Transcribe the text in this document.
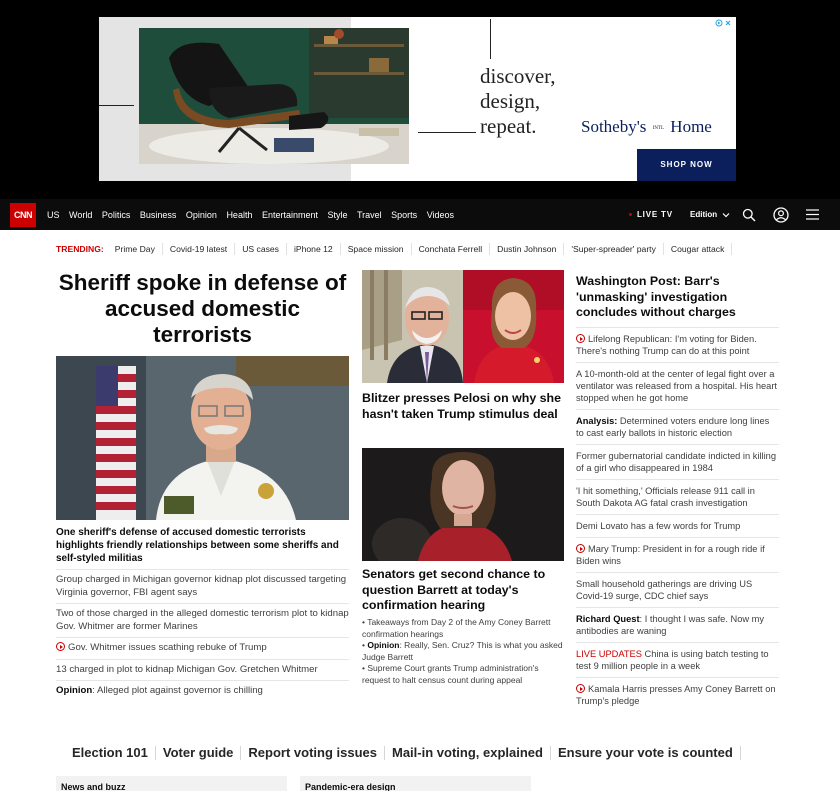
discover,
design,
repeat.	Sotheby's INTL Home
SHOP NOW
CNN	US World Politics Business Opinion Health Entertainment Style Travel Sports Videos	LIVE TV Edition
TRENDING:	Prime Day	Covid-19 latest	US cases	iPhone 12	Space mission	Conchata Ferrell	Dustin Johnson	'Super-spreader' party	Cougar attack
Sheriff spoke in defense of accused domestic terrorists

One sheriff's defense of accused domestic terrorists highlights friendly relationships between some sheriffs and self-styled militias

Group charged in Michigan governor kidnap plot discussed targeting Virginia governor, FBI agent says
Two of those charged in the alleged domestic terrorism plot to kidnap Gov. Whitmer are former Marines
Gov. Whitmer issues scathing rebuke of Trump
13 charged in plot to kidnap Michigan Gov. Gretchen Whitmer
Opinion: Alleged plot against governor is chilling
Blitzer presses Pelosi on why she hasn't taken Trump stimulus deal
Senators get second chance to question Barrett at today's confirmation hearing
• Takeaways from Day 2 of the Amy Coney Barrett confirmation hearings
• Opinion: Really, Sen. Cruz? This is what you asked Judge Barrett
• Supreme Court grants Trump administration's request to halt census count during appeal
Washington Post: Barr's 'unmasking' investigation concludes without charges
Lifelong Republican: I'm voting for Biden. There's nothing Trump can do at this point
A 10-month-old at the center of legal fight over a ventilator was released from a hospital. His heart stopped when he got home
Analysis: Determined voters endure long lines to cast early ballots in historic election
Former gubernatorial candidate indicted in killing of a girl who disappeared in 1984
'I hit something,' Officials release 911 call in South Dakota AG fatal crash investigation
Demi Lovato has a few words for Trump
Mary Trump: President in for a rough ride if Biden wins
Small household gatherings are driving US Covid-19 surge, CDC chief says
Richard Quest: I thought I was safe. Now my antibodies are waning
LIVE UPDATES China is using batch testing to test 9 million people in a week
Kamala Harris presses Amy Coney Barrett on Trump's pledge
Election 101	Voter guide	Report voting issues	Mail-in voting, explained	Ensure your vote is counted
News and buzz	Pandemic-era design
